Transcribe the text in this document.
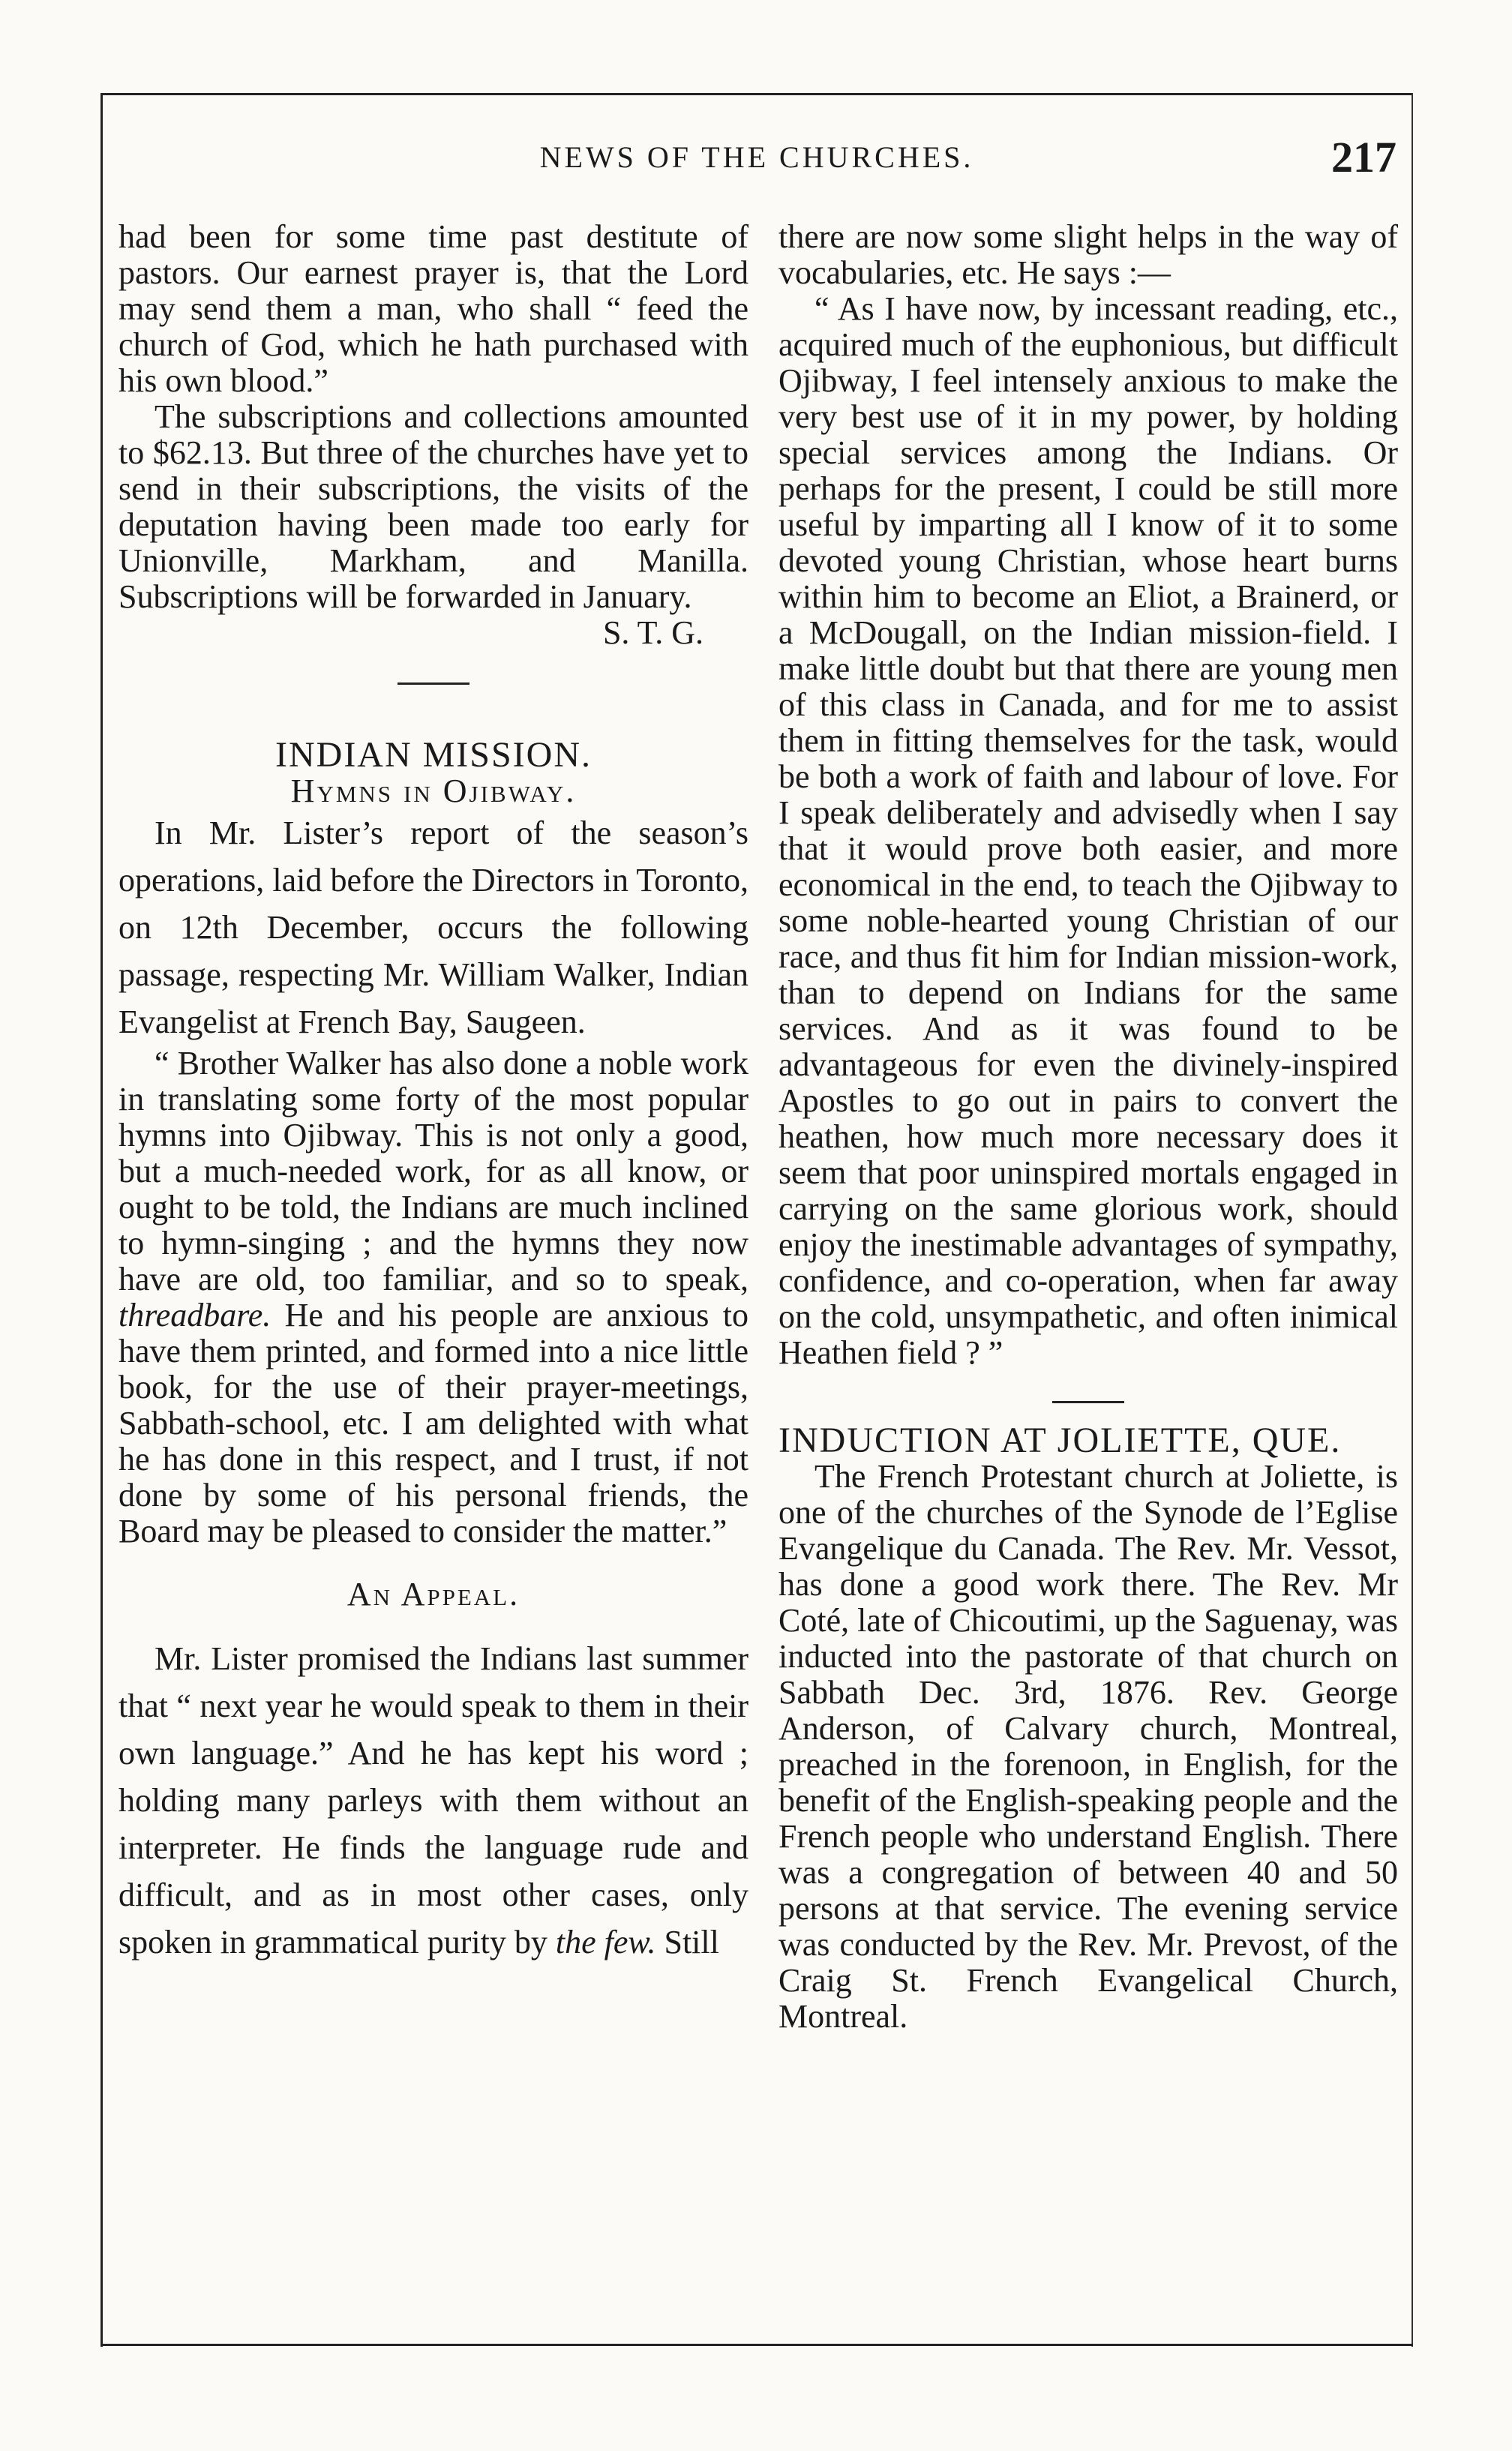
NEWS OF THE CHURCHES.	217

had been for some time past destitute of pastors. Our earnest prayer is, that the Lord may send them a man, who shall “ feed the church of God, which he hath purchased with his own blood.”

The subscriptions and collections amounted to $62.13. But three of the churches have yet to send in their subscriptions, the visits of the deputation having been made too early for Unionville, Markham, and Manilla. Subscriptions will be forwarded in January.

S. T. G.

INDIAN MISSION.

Hymns in Ojibway.

In Mr. Lister’s report of the season’s operations, laid before the Directors in Toronto, on 12th December, occurs the following passage, respecting Mr. William Walker, Indian Evangelist at French Bay, Saugeen.

“ Brother Walker has also done a noble work in translating some forty of the most popular hymns into Ojibway. This is not only a good, but a much-needed work, for as all know, or ought to be told, the Indians are much inclined to hymn-singing ; and the hymns they now have are old, too familiar, and so to speak, threadbare. He and his people are anxious to have them printed, and formed into a nice little book, for the use of their prayer-meetings, Sabbath-school, etc. I am delighted with what he has done in this respect, and I trust, if not done by some of his personal friends, the Board may be pleased to consider the matter.”

An Appeal.

Mr. Lister promised the Indians last summer that “ next year he would speak to them in their own language.” And he has kept his word ; holding many parleys with them without an interpreter. He finds the language rude and difficult, and as in most other cases, only spoken in grammatical purity by the few. Still

there are now some slight helps in the way of vocabularies, etc. He says :—

“ As I have now, by incessant reading, etc., acquired much of the euphonious, but difficult Ojibway, I feel intensely anxious to make the very best use of it in my power, by holding special services among the Indians. Or perhaps for the present, I could be still more useful by imparting all I know of it to some devoted young Christian, whose heart burns within him to become an Eliot, a Brainerd, or a McDougall, on the Indian mission-field. I make little doubt but that there are young men of this class in Canada, and for me to assist them in fitting themselves for the task, would be both a work of faith and labour of love. For I speak deliberately and advisedly when I say that it would prove both easier, and more economical in the end, to teach the Ojibway to some noble-hearted young Christian of our race, and thus fit him for Indian mission-work, than to depend on Indians for the same services. And as it was found to be advantageous for even the divinely-inspired Apostles to go out in pairs to convert the heathen, how much more necessary does it seem that poor uninspired mortals engaged in carrying on the same glorious work, should enjoy the inestimable advantages of sympathy, confidence, and co-operation, when far away on the cold, unsympathetic, and often inimical Heathen field ? ”

INDUCTION AT JOLIETTE, QUE.

The French Protestant church at Joliette, is one of the churches of the Synode de l’Eglise Evangelique du Canada. The Rev. Mr. Vessot, has done a good work there. The Rev. Mr Coté, late of Chicoutimi, up the Saguenay, was inducted into the pastorate of that church on Sabbath Dec. 3rd, 1876. Rev. George Anderson, of Calvary church, Montreal, preached in the forenoon, in English, for the benefit of the English-speaking people and the French people who understand English. There was a congregation of between 40 and 50 persons at that service. The evening service was conducted by the Rev. Mr. Prevost, of the Craig St. French Evangelical Church, Montreal.
